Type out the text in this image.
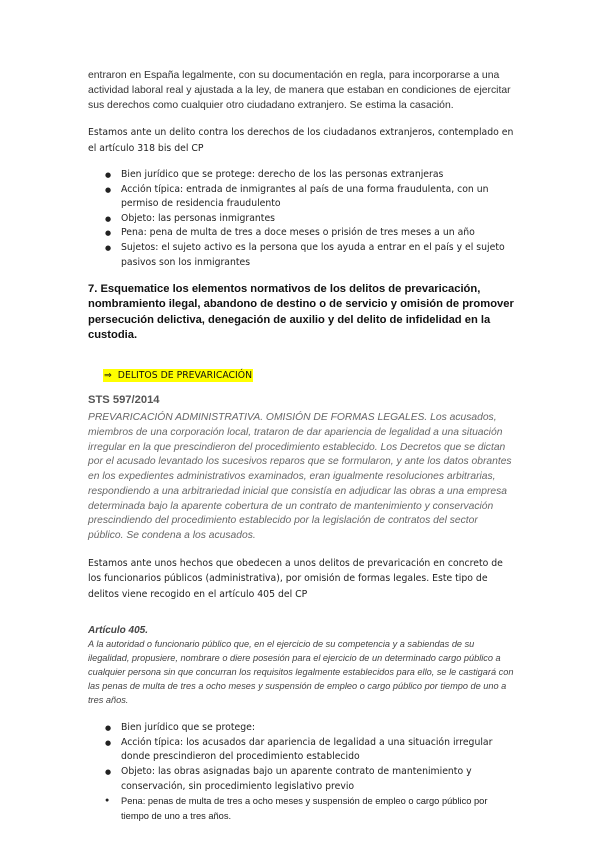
entraron en España legalmente, con su documentación en regla, para incorporarse a una actividad laboral real y ajustada a la ley, de manera que estaban en condiciones de ejercitar sus derechos como cualquier otro ciudadano extranjero. Se estima la casación.

Estamos ante un delito contra los derechos de los ciudadanos extranjeros, contemplado en el artículo 318 bis del CP

● Bien jurídico que se protege: derecho de los las personas extranjeras
● Acción típica: entrada de inmigrantes al país de una forma fraudulenta, con un permiso de residencia fraudulento
● Objeto: las personas inmigrantes
● Pena: pena de multa de tres a doce meses o prisión de tres meses a un año
● Sujetos: el sujeto activo es la persona que los ayuda a entrar en el país y el sujeto pasivos son los inmigrantes

7. Esquematice los elementos normativos de los delitos de prevaricación, nombramiento ilegal, abandono de destino o de servicio y omisión de promover persecución delictiva, denegación de auxilio y del delito de infidelidad en la custodia.

⇒ DELITOS DE PREVARICACIÓN

STS 597/2014

PREVARICACIÓN ADMINISTRATIVA. OMISIÓN DE FORMAS LEGALES. Los acusados, miembros de una corporación local, trataron de dar apariencia de legalidad a una situación irregular en la que prescindieron del procedimiento establecido. Los Decretos que se dictan por el acusado levantado los sucesivos reparos que se formularon, y ante los datos obrantes en los expedientes administrativos examinados, eran igualmente resoluciones arbitrarias, respondiendo a una arbitrariedad inicial que consistía en adjudicar las obras a una empresa determinada bajo la aparente cobertura de un contrato de mantenimiento y conservación prescindiendo del procedimiento establecido por la legislación de contratos del sector público. Se condena a los acusados.

Estamos ante unos hechos que obedecen a unos delitos de prevaricación en concreto de los funcionarios públicos (administrativa), por omisión de formas legales. Este tipo de delitos viene recogido en el artículo 405 del CP

Artículo 405.

A la autoridad o funcionario público que, en el ejercicio de su competencia y a sabiendas de su ilegalidad, propusiere, nombrare o diere posesión para el ejercicio de un determinado cargo público a cualquier persona sin que concurran los requisitos legalmente establecidos para ello, se le castigará con las penas de multa de tres a ocho meses y suspensión de empleo o cargo público por tiempo de uno a tres años.

● Bien jurídico que se protege:
● Acción típica: los acusados dar apariencia de legalidad a una situación irregular donde prescindieron del procedimiento establecido
● Objeto: las obras asignadas bajo un aparente contrato de mantenimiento y conservación, sin procedimiento legislativo previo
● Pena: penas de multa de tres a ocho meses y suspensión de empleo o cargo público por tiempo de uno a tres años.
